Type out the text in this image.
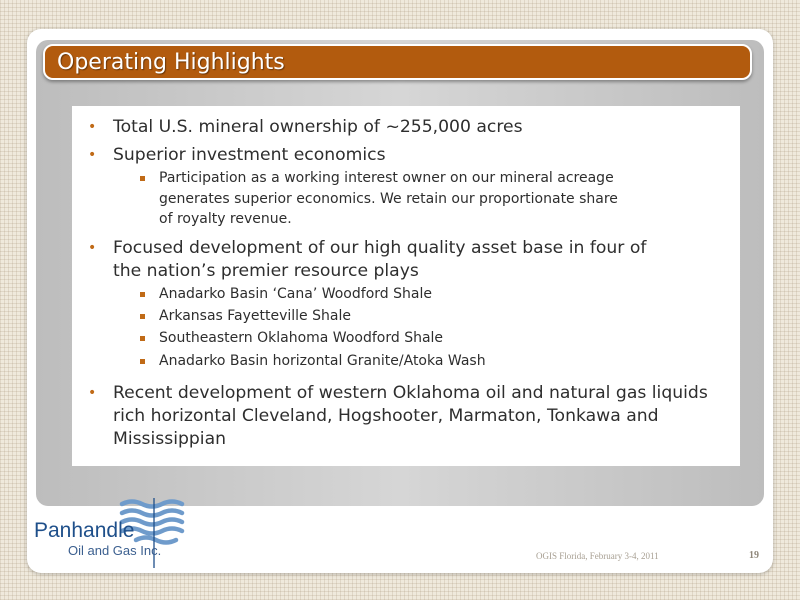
Operating Highlights
• Total U.S. mineral ownership of ~255,000 acres
• Superior investment economics
Participation as a working interest owner on our mineral acreage
generates superior economics. We retain our proportionate share
of royalty revenue.
• Focused development of our high quality asset base in four of
the nation’s premier resource plays
Anadarko Basin ‘Cana’ Woodford Shale
Arkansas Fayetteville Shale
Southeastern Oklahoma Woodford Shale
Anadarko Basin horizontal Granite/Atoka Wash
• Recent development of western Oklahoma oil and natural gas liquids
rich horizontal Cleveland, Hogshooter, Marmaton, Tonkawa and
Mississippian
Panhandle
Oil and Gas Inc.	OGIS Florida, February 3-4, 2011	19
